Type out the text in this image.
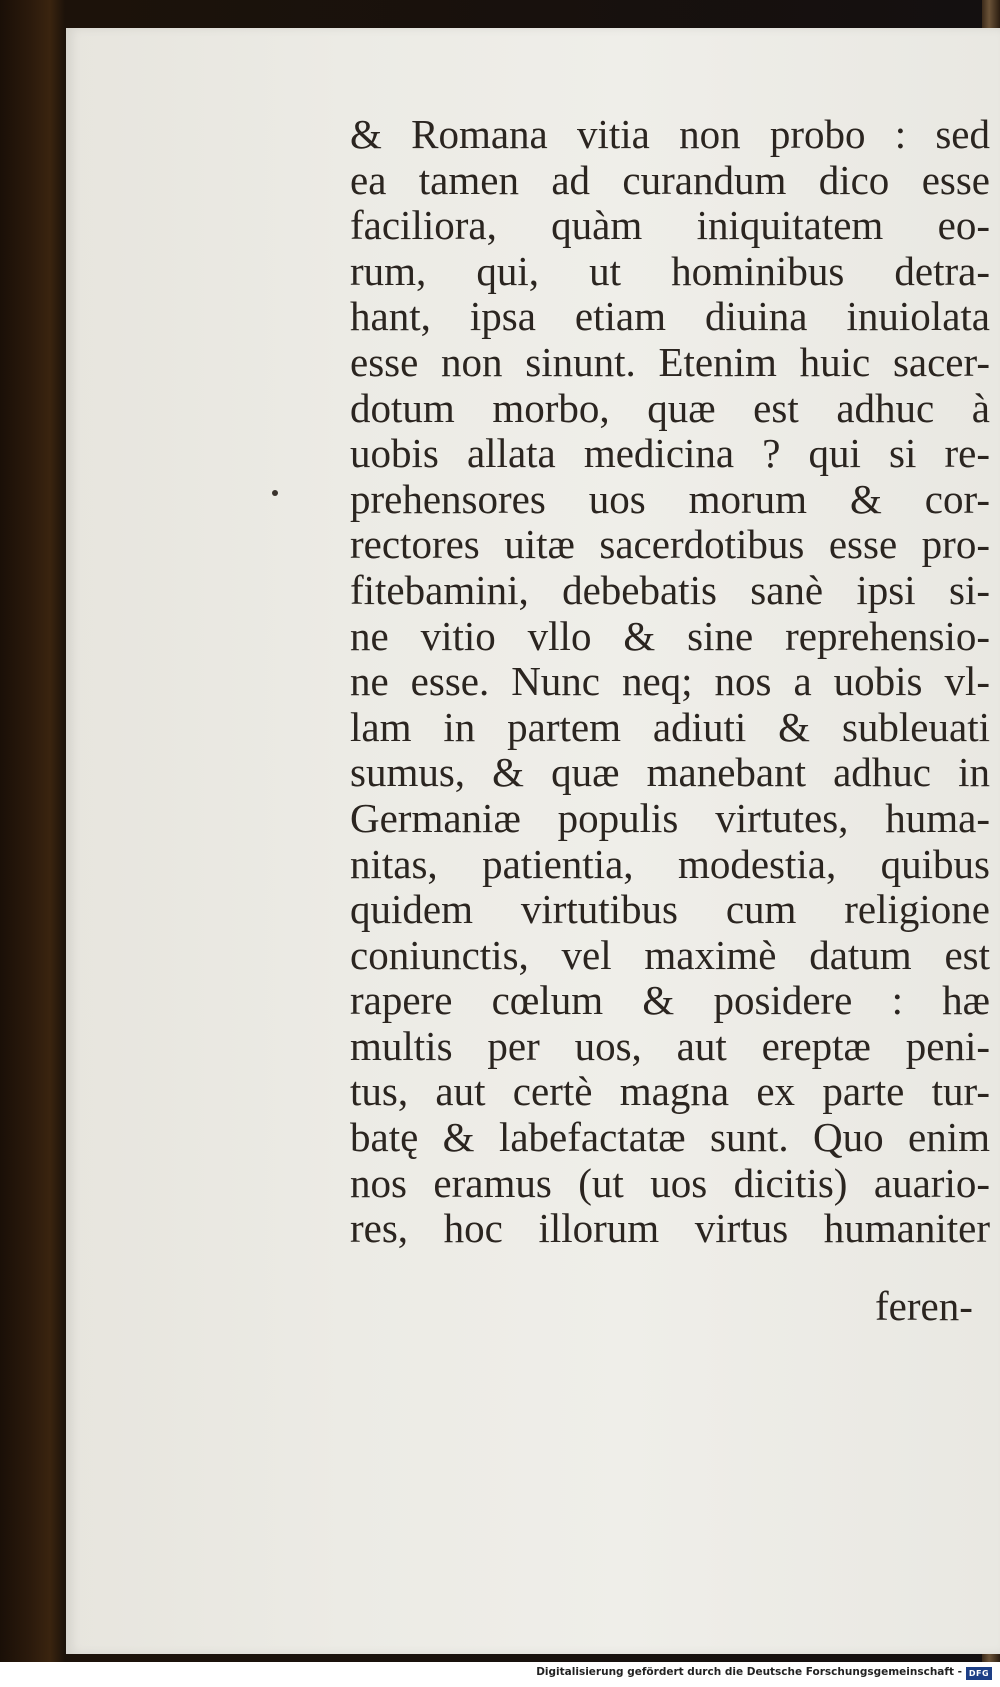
& Romana vitia non probo : sed
ea tamen ad curandum dico esse
faciliora, quàm iniquitatem eo-
rum, qui, ut hominibus detra-
hant, ipsa etiam diuina inuiolata
esse non sinunt. Etenim huic sacer-
dotum morbo, quæ est adhuc à
uobis allata medicina ? qui si re-
prehensores uos morum & cor-
rectores uitæ sacerdotibus esse pro-
fitebamini, debebatis sanè ipsi si-
ne vitio vllo & sine reprehensio-
ne esse. Nunc neq; nos a uobis vl-
lam in partem adiuti & subleuati
sumus, & quæ manebant adhuc in
Germaniæ populis virtutes, huma-
nitas, patientia, modestia, quibus
quidem virtutibus cum religione
coniunctis, vel maximè datum est
rapere cœlum & posidere : hæ
multis per uos, aut ereptæ peni-
tus, aut certè magna ex parte tur-
batę & labefactatæ sunt. Quo enim
nos eramus (ut uos dicitis) auario-
res, hoc illorum virtus humaniter
feren-
Digitalisierung gefördert durch die Deutsche Forschungsgemeinschaft - DFG
